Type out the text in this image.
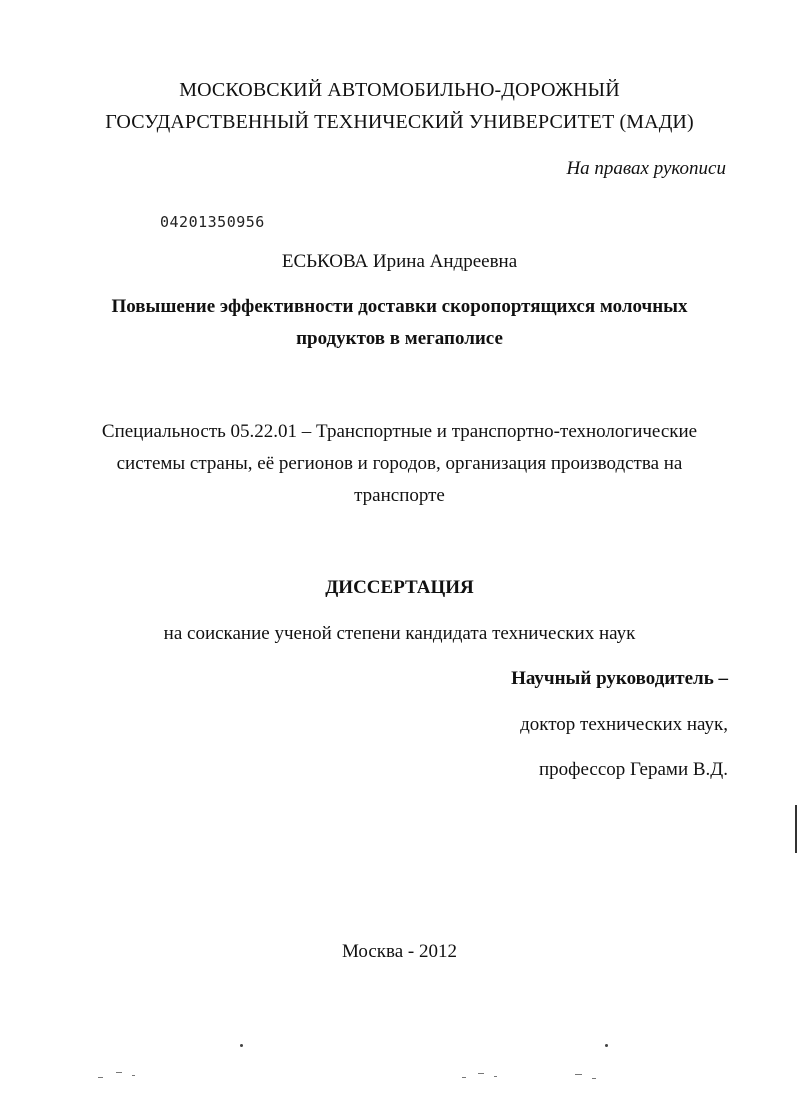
МОСКОВСКИЙ АВТОМОБИЛЬНО-ДОРОЖНЫЙ
ГОСУДАРСТВЕННЫЙ ТЕХНИЧЕСКИЙ УНИВЕРСИТЕТ (МАДИ)
На правах рукописи
04201350956
ЕСЬКОВА Ирина Андреевна
Повышение эффективности доставки скоропортящихся молочных
продуктов в мегаполисе
Специальность 05.22.01 – Транспортные и транспортно-технологические
системы страны, её регионов и городов, организация производства на
транспорте
ДИССЕРТАЦИЯ
на соискание ученой степени кандидата технических наук
Научный руководитель –
доктор технических наук,
профессор Герами В.Д.
Москва - 2012
